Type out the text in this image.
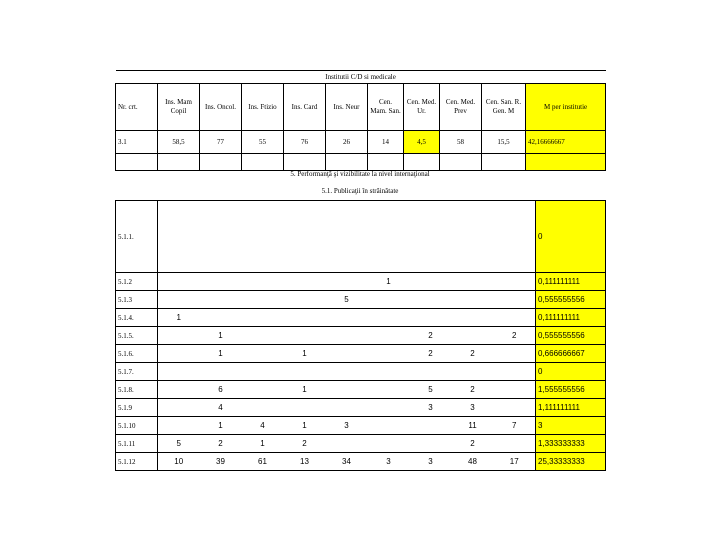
Institutii C/D si medicale										
Nr. crt.	Ins. Mam Copil	Ins. Oncol.	Ins. Ftizio	Ins. Card	Ins. Neur	Cen. Mam. San.	Cen. Med. Ur.	Cen. Med. Prev	Cen. San. R. Gen. M	M per institutie
3.1	58,5	77	55	76	26	14	4,5	58	15,5	42,16666667

5. Performanţă şi vizibilitate la nivel internaţional
5.1. Publicaţii în străinătate
5.1.1.										0
5.1.2						1				0,111111111
5.1.3					5					0,555555556
5.1.4.	1									0,111111111
5.1.5.		1					2		2	0,555555556
5.1.6.		1		1			2	2		0,666666667
5.1.7.										0
5.1.8.		6		1			5	2		1,555555556
5.1.9		4					3	3		1,111111111
5.1.10		1	4	1	3			11	7	3
5.1.11	5	2	1	2				2		1,333333333
5.1.12	10	39	61	13	34	3	3	48	17	25,33333333
